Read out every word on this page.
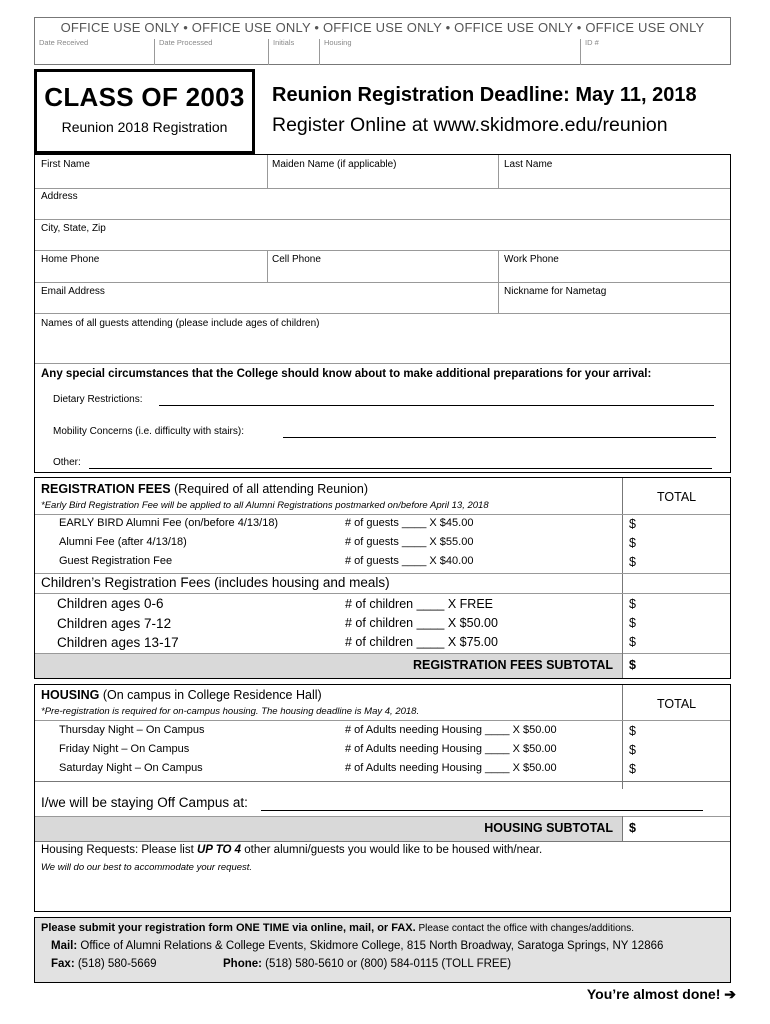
OFFICE USE ONLY • OFFICE USE ONLY • OFFICE USE ONLY • OFFICE USE ONLY • OFFICE USE ONLY
Date Received	Date Processed	Initials	Housing	ID #
CLASS OF 2003
Reunion 2018 Registration
Reunion Registration Deadline: May 11, 2018
Register Online at www.skidmore.edu/reunion
First Name	Maiden Name (if applicable)	Last Name
Address
City, State, Zip
Home Phone	Cell Phone	Work Phone
Email Address	Nickname for Nametag
Names of all guests attending (please include ages of children)
Any special circumstances that the College should know about to make additional preparations for your arrival:
Dietary Restrictions:
Mobility Concerns (i.e. difficulty with stairs):
Other:
REGISTRATION FEES (Required of all attending Reunion)
TOTAL
*Early Bird Registration Fee will be applied to all Alumni Registrations postmarked on/before April 13, 2018
EARLY BIRD Alumni Fee (on/before 4/13/18)	# of guests ____ X $45.00	$
Alumni Fee (after 4/13/18)	# of guests ____ X $55.00	$
Guest Registration Fee	# of guests ____ X $40.00	$
Children’s Registration Fees (includes housing and meals)
Children ages 0-6	# of children ____ X FREE	$
Children ages 7-12	# of children ____ X $50.00	$
Children ages 13-17	# of children ____ X $75.00	$
REGISTRATION FEES SUBTOTAL $
HOUSING (On campus in College Residence Hall)
TOTAL
*Pre-registration is required for on-campus housing. The housing deadline is May 4, 2018.
Thursday Night – On Campus	# of Adults needing Housing ____ X $50.00	$
Friday Night – On Campus	# of Adults needing Housing ____ X $50.00	$
Saturday Night – On Campus	# of Adults needing Housing ____ X $50.00	$
I/we will be staying Off Campus at:
HOUSING SUBTOTAL $
Housing Requests: Please list UP TO 4 other alumni/guests you would like to be housed with/near.
We will do our best to accommodate your request.
Please submit your registration form ONE TIME via online, mail, or FAX. Please contact the office with changes/additions.
Mail: Office of Alumni Relations & College Events, Skidmore College, 815 North Broadway, Saratoga Springs, NY 12866
Fax: (518) 580-5669	Phone: (518) 580-5610 or (800) 584-0115 (TOLL FREE)
You’re almost done! ➔
